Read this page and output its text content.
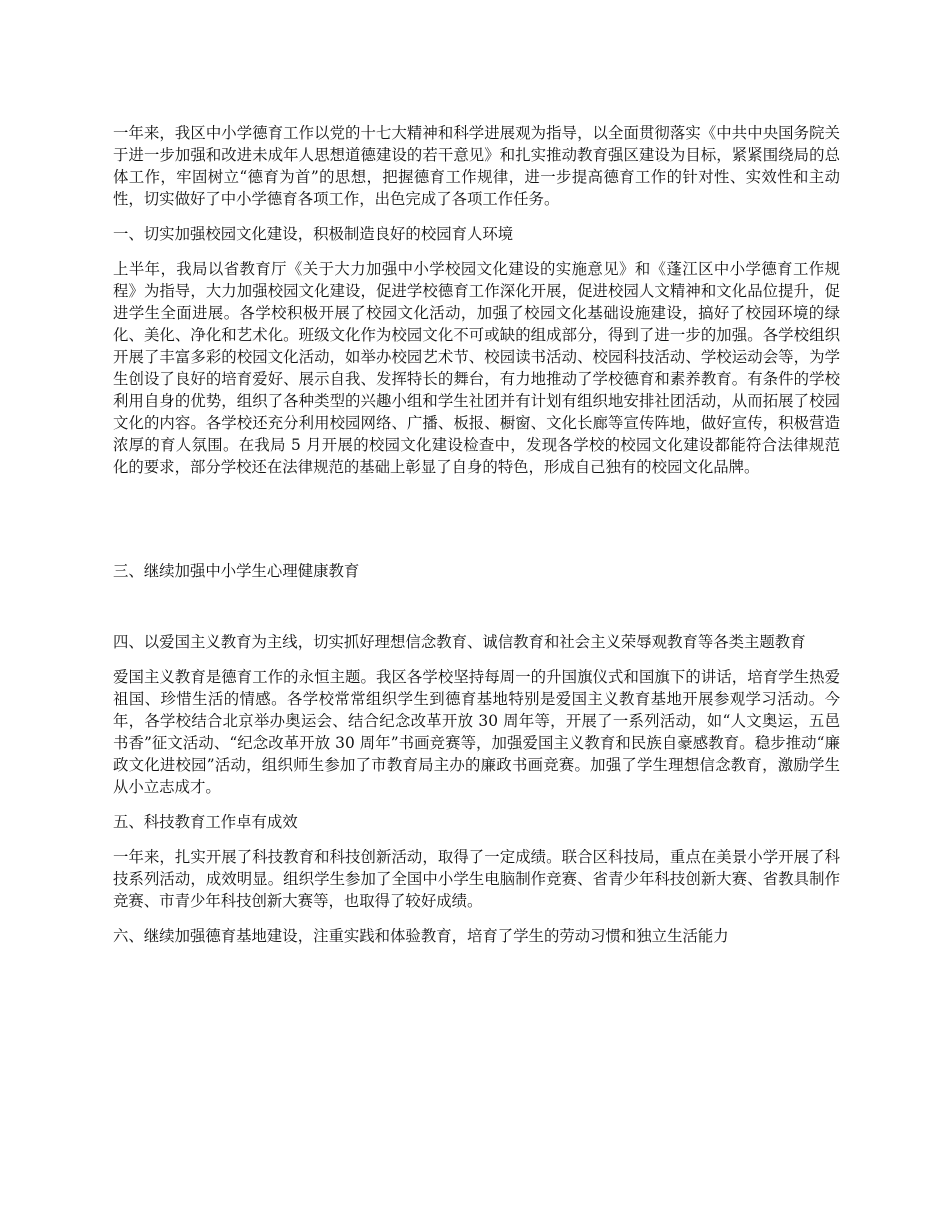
一年来，我区中小学德育工作以党的十七大精神和科学进展观为指导，以全面贯彻落实《中共中央国务院关于进一步加强和改进未成年人思想道德建设的若干意见》和扎实推动教育强区建设为目标，紧紧围绕局的总体工作，牢固树立“德育为首”的思想，把握德育工作规律，进一步提高德育工作的针对性、实效性和主动性，切实做好了中小学德育各项工作，出色完成了各项工作任务。

一、切实加强校园文化建设，积极制造良好的校园育人环境

上半年，我局以省教育厅《关于大力加强中小学校园文化建设的实施意见》和《蓬江区中小学德育工作规程》为指导，大力加强校园文化建设，促进学校德育工作深化开展，促进校园人文精神和文化品位提升，促进学生全面进展。各学校积极开展了校园文化活动，加强了校园文化基础设施建设，搞好了校园环境的绿化、美化、净化和艺术化。班级文化作为校园文化不可或缺的组成部分，得到了进一步的加强。各学校组织开展了丰富多彩的校园文化活动，如举办校园艺术节、校园读书活动、校园科技活动、学校运动会等，为学生创设了良好的培育爱好、展示自我、发挥特长的舞台，有力地推动了学校德育和素养教育。有条件的学校利用自身的优势，组织了各种类型的兴趣小组和学生社团并有计划有组织地安排社团活动，从而拓展了校园文化的内容。各学校还充分利用校园网络、广播、板报、橱窗、文化长廊等宣传阵地，做好宣传，积极营造浓厚的育人氛围。在我局 5 月开展的校园文化建设检查中，发现各学校的校园文化建设都能符合法律规范化的要求，部分学校还在法律规范的基础上彰显了自身的特色，形成自己独有的校园文化品牌。

三、继续加强中小学生心理健康教育

四、以爱国主义教育为主线，切实抓好理想信念教育、诚信教育和社会主义荣辱观教育等各类主题教育

爱国主义教育是德育工作的永恒主题。我区各学校坚持每周一的升国旗仪式和国旗下的讲话，培育学生热爱祖国、珍惜生活的情感。各学校常常组织学生到德育基地特别是爱国主义教育基地开展参观学习活动。今年，各学校结合北京举办奥运会、结合纪念改革开放 30 周年等，开展了一系列活动，如“人文奥运，五邑书香”征文活动、“纪念改革开放 30 周年”书画竞赛等，加强爱国主义教育和民族自豪感教育。稳步推动“廉政文化进校园”活动，组织师生参加了市教育局主办的廉政书画竞赛。加强了学生理想信念教育，激励学生从小立志成才。

五、科技教育工作卓有成效

一年来，扎实开展了科技教育和科技创新活动，取得了一定成绩。联合区科技局，重点在美景小学开展了科技系列活动，成效明显。组织学生参加了全国中小学生电脑制作竞赛、省青少年科技创新大赛、省教具制作竞赛、市青少年科技创新大赛等，也取得了较好成绩。

六、继续加强德育基地建设，注重实践和体验教育，培育了学生的劳动习惯和独立生活能力
